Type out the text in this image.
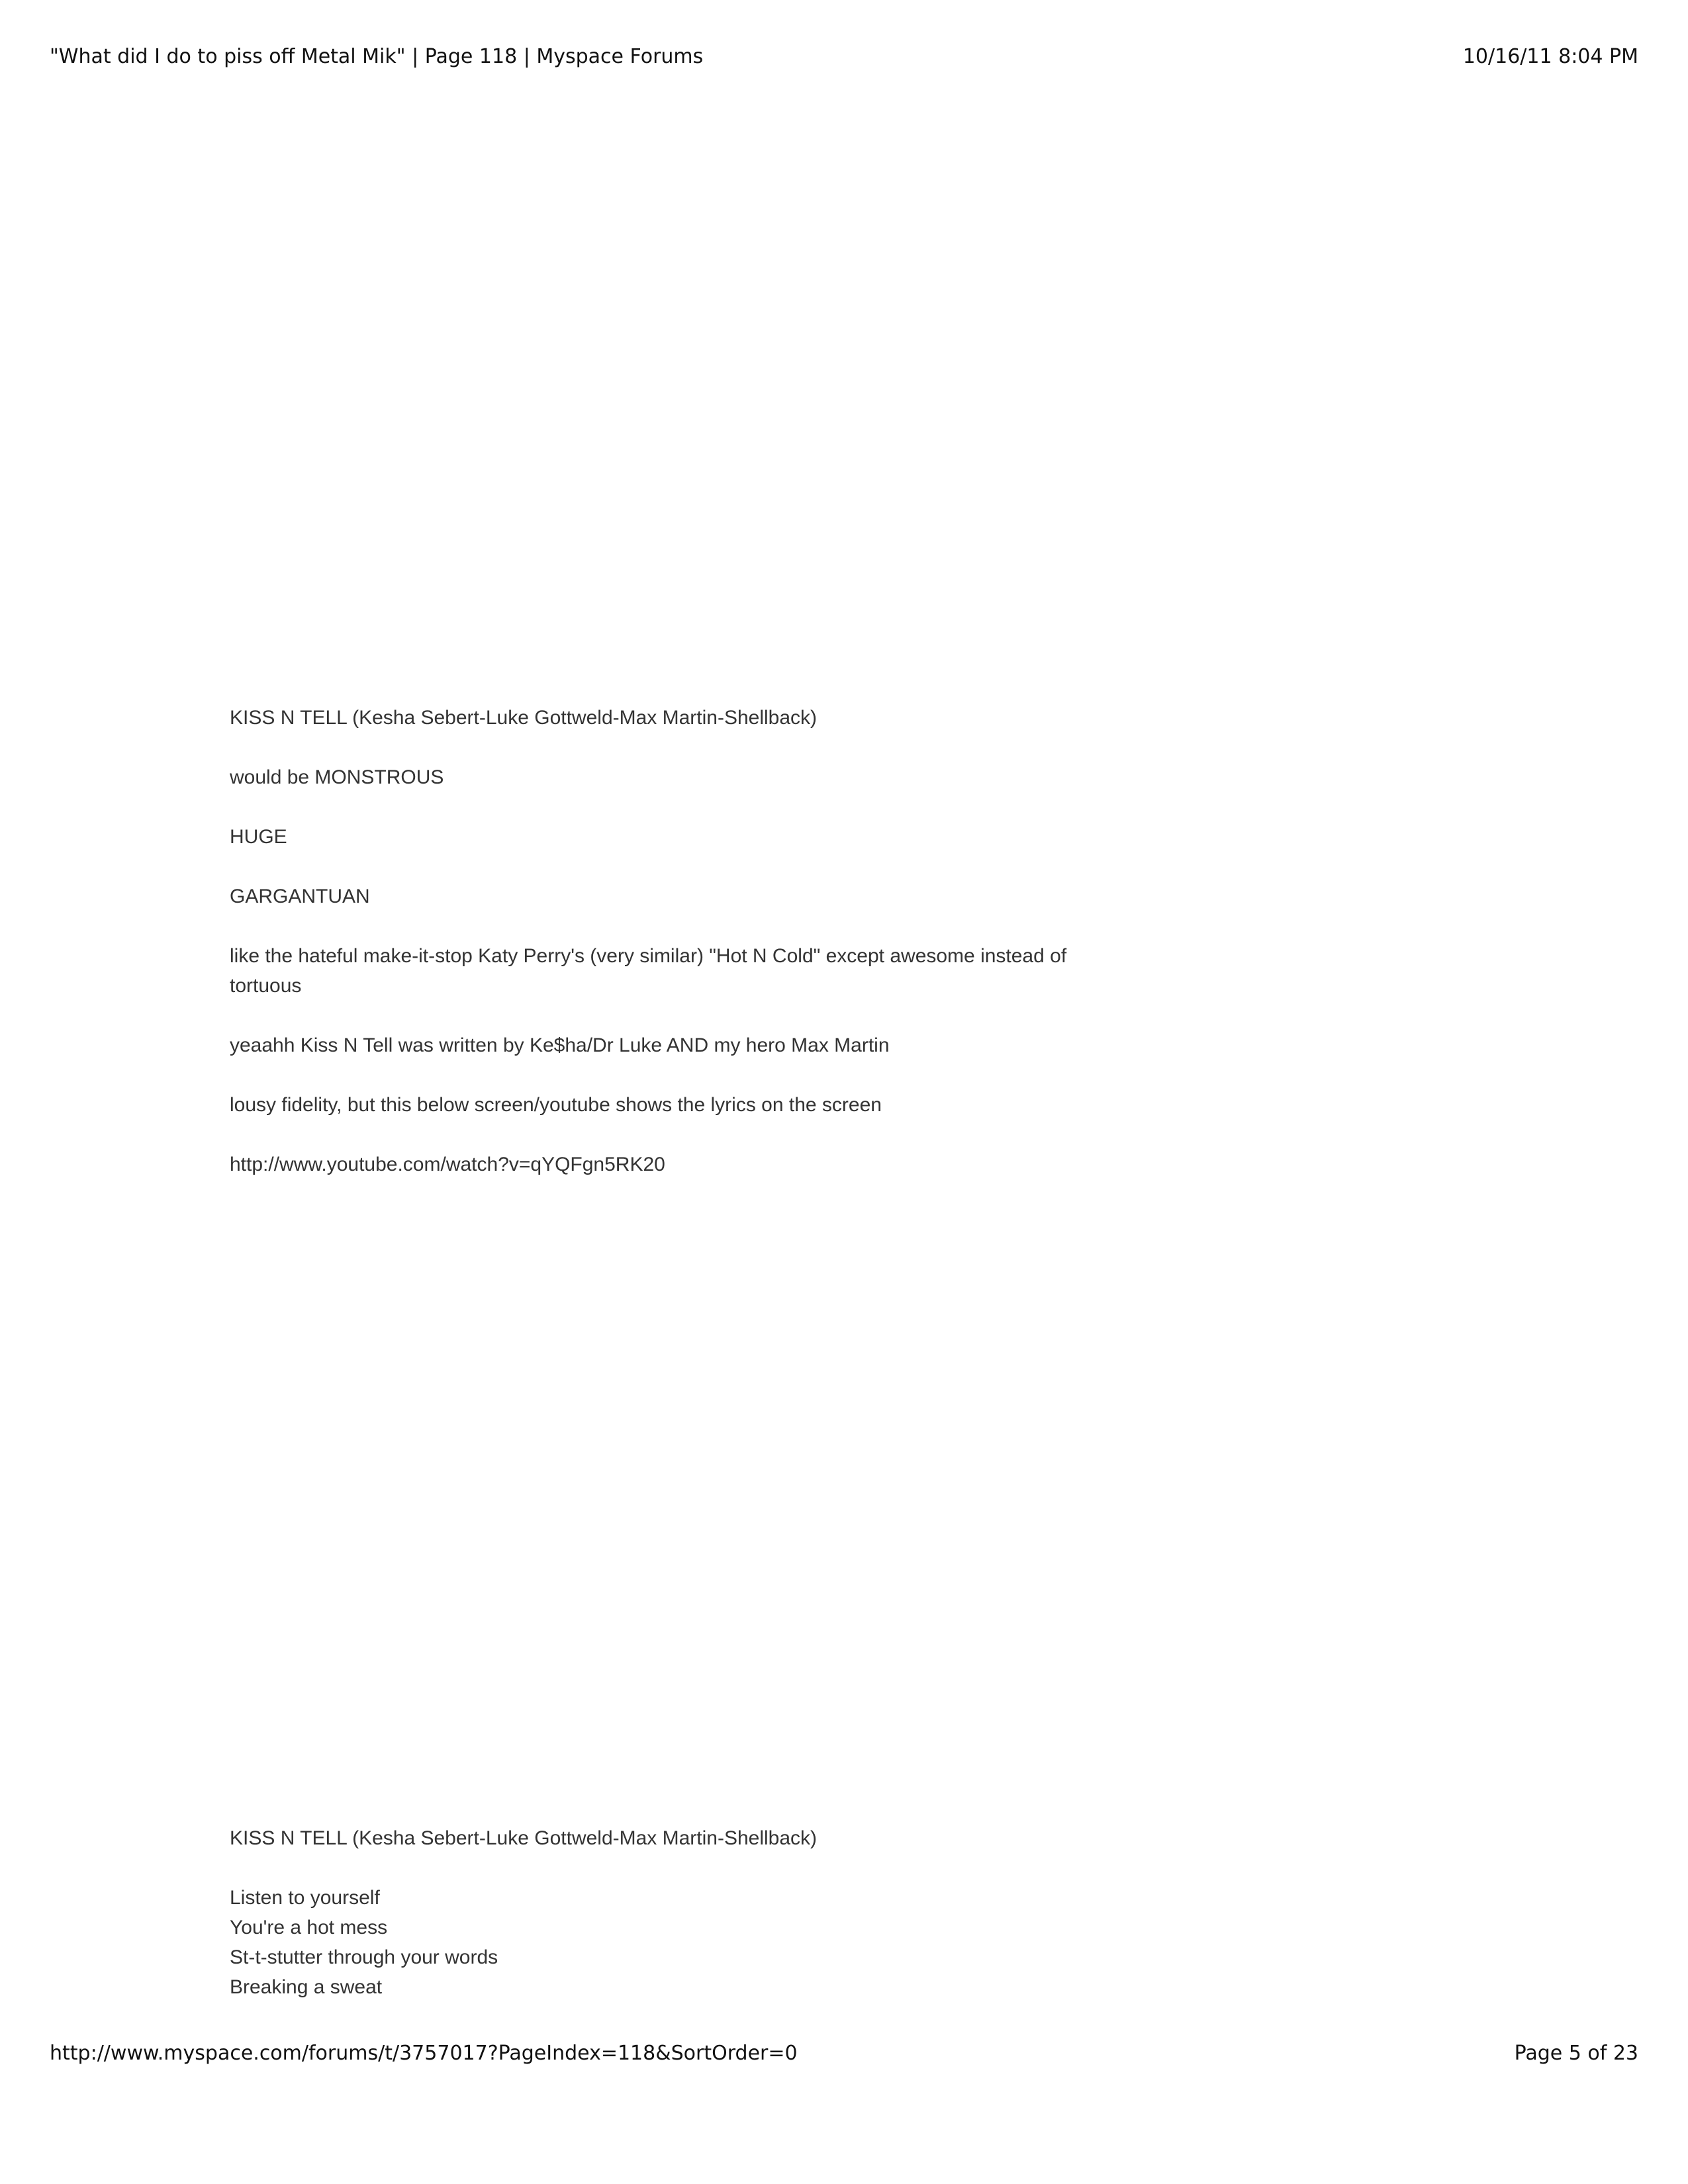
"What did I do to piss off Metal Mik" | Page 118 | Myspace Forums	10/16/11 8:04 PM
KISS N TELL (Kesha Sebert-Luke Gottweld-Max Martin-Shellback)
would be MONSTROUS
HUGE
GARGANTUAN
like the hateful make-it-stop Katy Perry's (very similar) "Hot N Cold" except awesome instead of tortuous
yeaahh Kiss N Tell was written by Ke$ha/Dr Luke AND my hero Max Martin
lousy fidelity, but this below screen/youtube shows the lyrics on the screen
http://www.youtube.com/watch?v=qYQFgn5RK20
KISS N TELL (Kesha Sebert-Luke Gottweld-Max Martin-Shellback)
Listen to yourself
You're a hot mess
St-t-stutter through your words
Breaking a sweat
http://www.myspace.com/forums/t/3757017?PageIndex=118&SortOrder=0	Page 5 of 23
